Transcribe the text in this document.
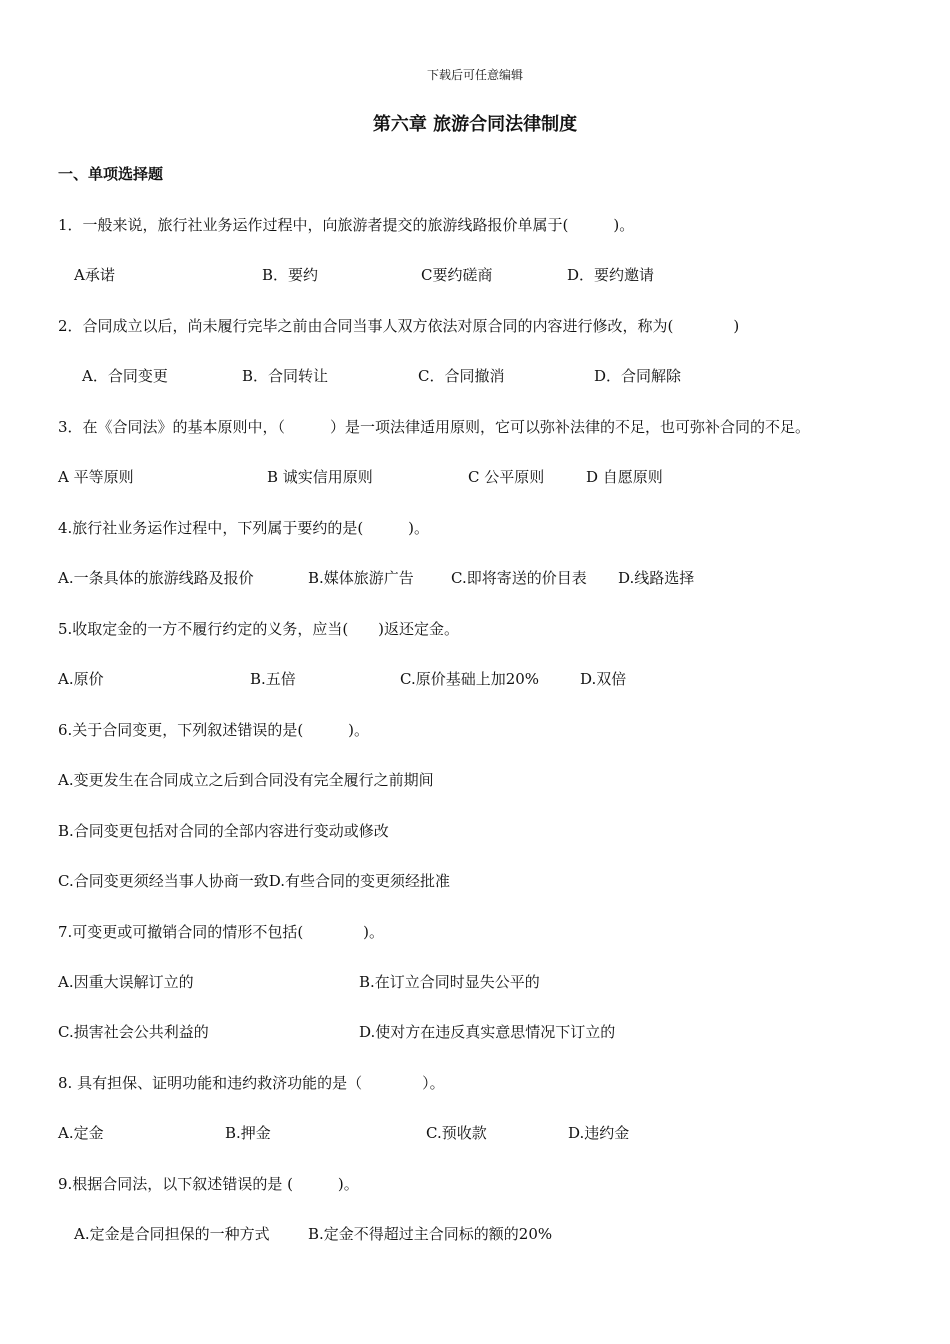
下载后可任意编辑
第六章 旅游合同法律制度
一、单项选择题
1．一般来说，旅行社业务运作过程中，向旅游者提交的旅游线路报价单属于(　　　)。
A承诺	B．要约	C要约磋商	D．要约邀请
2．合同成立以后，尚未履行完毕之前由合同当事人双方依法对原合同的内容进行修改，称为(　　　　)
A．合同变更	B．合同转让	C．合同撤消	D．合同解除
3．在《合同法》的基本原则中，（　　　）是一项法律适用原则，它可以弥补法律的不足，也可弥补合同的不足。
A 平等原则	B 诚实信用原则	C 公平原则	D 自愿原则
4.旅行社业务运作过程中，下列属于要约的是(　　　)。
A.一条具体的旅游线路及报价	B.媒体旅游广告 C.即将寄送的价目表 D.线路选择
5.收取定金的一方不履行约定的义务，应当(　　)返还定金。
A.原价	B.五倍	C.原价基础上加20%	D.双倍
6.关于合同变更，下列叙述错误的是(　　　)。
A.变更发生在合同成立之后到合同没有完全履行之前期间
B.合同变更包括对合同的全部内容进行变动或修改
C.合同变更须经当事人协商一致D.有些合同的变更须经批准
7.可变更或可撤销合同的情形不包括(　　　　)。
A.因重大误解订立的	B.在订立合同时显失公平的
C.损害社会公共利益的	D.使对方在违反真实意思情况下订立的
8. 具有担保、证明功能和违约救济功能的是（　　　　）。
A.定金	B.押金	C.预收款	D.违约金
9.根据合同法，以下叙述错误的是 (　　　)。
A.定金是合同担保的一种方式	B.定金不得超过主合同标的额的20%
